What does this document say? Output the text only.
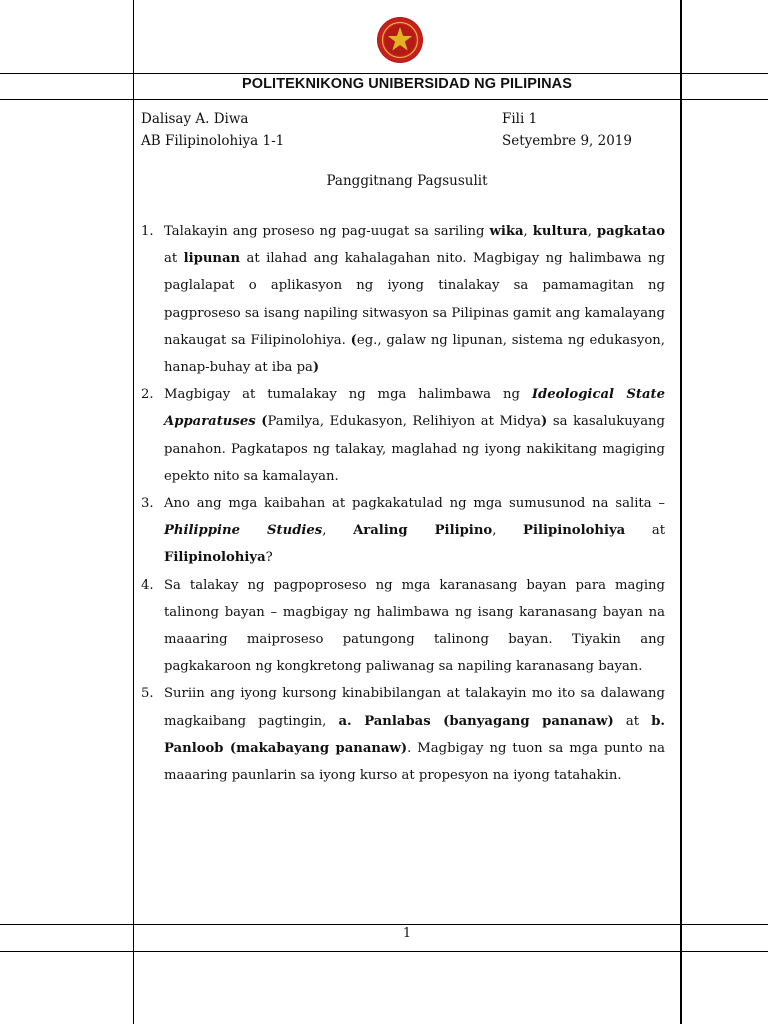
POLITEKNIKONG UNIBERSIDAD NG PILIPINAS
Dalisay A. Diwa
AB Filipinolohiya 1-1
Fili 1
Setyembre 9, 2019
Panggitnang Pagsusulit
1. Talakayin ang proseso ng pag-uugat sa sariling wika, kultura, pagkatao at lipunan at ilahad ang kahalagahan nito. Magbigay ng halimbawa ng paglalapat o aplikasyon ng iyong tinalakay sa pamamagitan ng pagproseso sa isang napiling sitwasyon sa Pilipinas gamit ang kamalayang nakaugat sa Filipinolohiya. (eg., galaw ng lipunan, sistema ng edukasyon, hanap-buhay at iba pa)
2. Magbigay at tumalakay ng mga halimbawa ng Ideological State Apparatuses (Pamilya, Edukasyon, Relihiyon at Midya) sa kasalukuyang panahon. Pagkatapos ng talakay, maglahad ng iyong nakikitang magiging epekto nito sa kamalayan.
3. Ano ang mga kaibahan at pagkakatulad ng mga sumusunod na salita – Philippine Studies, Araling Pilipino, Pilipinolohiya at Filipinolohiya?
4. Sa talakay ng pagpoproseso ng mga karanasang bayan para maging talinong bayan – magbigay ng halimbawa ng isang karanasang bayan na maaaring maiproseso patungong talinong bayan. Tiyakin ang pagkakaroon ng kongkretong paliwanag sa napiling karanasang bayan.
5. Suriin ang iyong kursong kinabibilangan at talakayin mo ito sa dalawang magkaibang pagtingin, a. Panlabas (banyagang pananaw) at b. Panloob (makabayang pananaw). Magbigay ng tuon sa mga punto na maaaring paunlarin sa iyong kurso at propesyon na iyong tatahakin.
1
